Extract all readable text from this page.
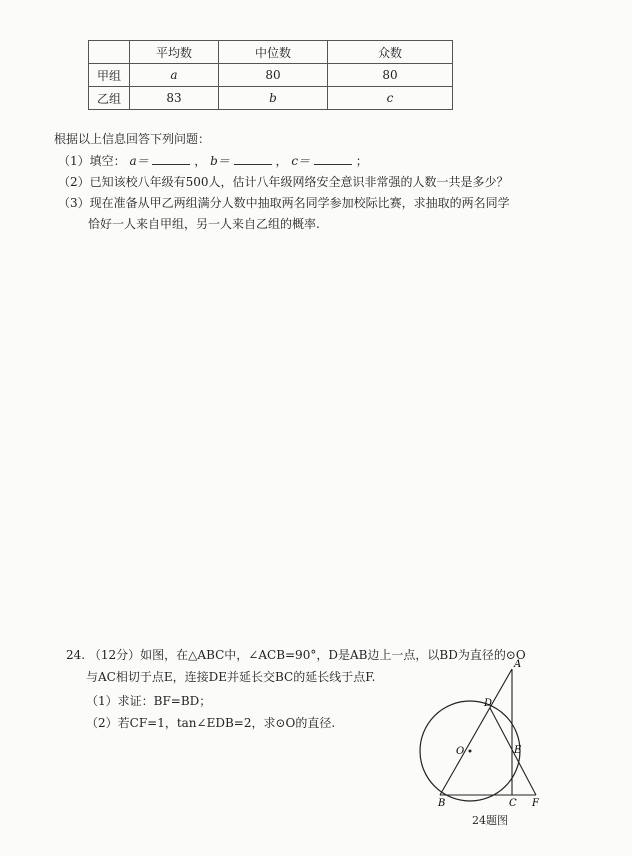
	平均数	中位数	众数
甲组	a	80	80
乙组	83	b	c
根据以上信息回答下列问题：
（1）填空： a＝	， b＝	， c＝	；
（2）已知该校八年级有500人，估计八年级网络安全意识非常强的人数一共是多少？
（3）现在准备从甲乙两组满分人数中抽取两名同学参加校际比赛，求抽取的两名同学
恰好一人来自甲组，另一人来自乙组的概率.
24. （12分）如图，在△ABC中，∠ACB=90°，D是AB边上一点，以BD为直径的⊙O
与AC相切于点E，连接DE并延长交BC的延长线于点F.
（1）求证：BF=BD；
（2）若CF=1，tan∠EDB=2，求⊙O的直径.
A
D
O	E
B	C F
24题图
